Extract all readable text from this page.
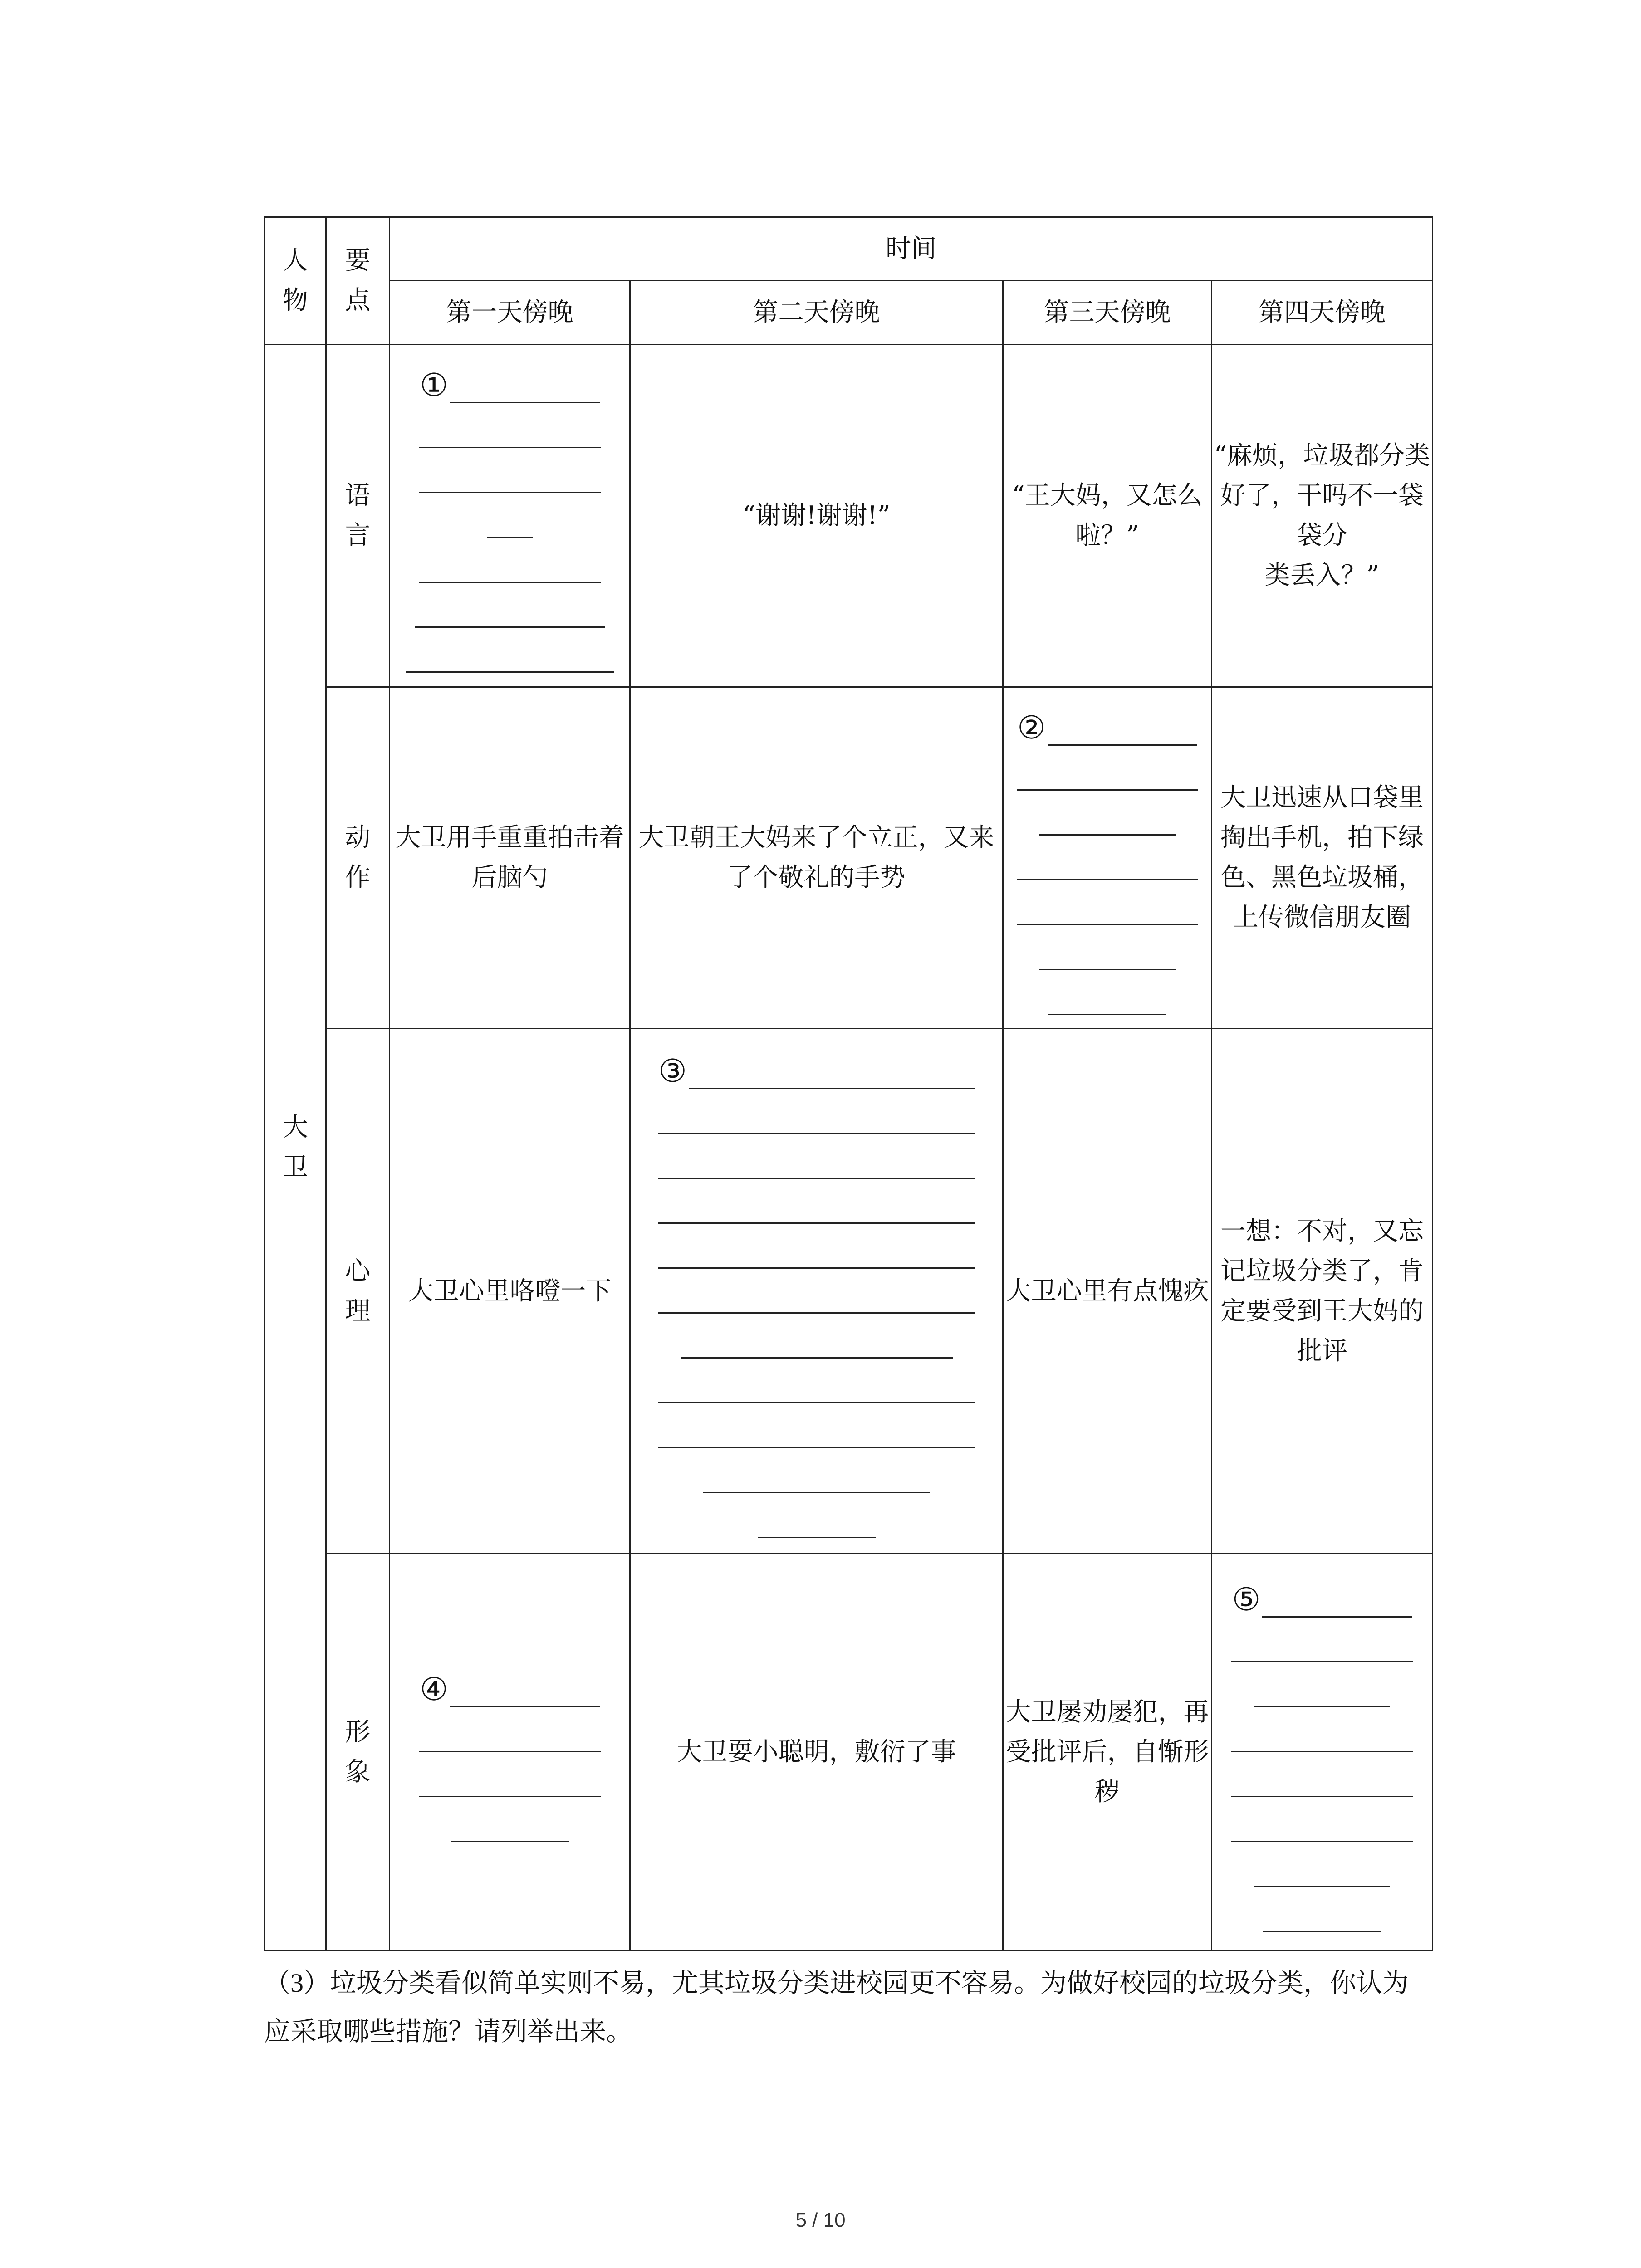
人物	要点	时间			
		第一天傍晚	第二天傍晚	第三天傍晚	第四天傍晚
大卫	语言	①	“谢谢!谢谢!”	“王大妈，又怎么啦？”	“麻烦，垃圾都分类好了，干吗不一袋袋分
类丢入？”
	动作	大卫用手重重拍击着后脑勺	大卫朝王大妈来了个立正，又来了个敬礼的手势	②	大卫迅速从口袋里掏出手机，拍下绿色、黑色垃圾桶，上传微信朋友圈
	心理	大卫心里咯噔一下	③	大卫心里有点愧疚	一想：不对，又忘记垃圾分类了，肯定要受到王大妈的批评
	形象	④	大卫耍小聪明，敷衍了事	大卫屡劝屡犯，再受批评后，自惭形秽	⑤
（3）垃圾分类看似简单实则不易，尤其垃圾分类进校园更不容易。为做好校园的垃圾分类，你认为应采取哪些措施？请列举出来。
5 / 10
